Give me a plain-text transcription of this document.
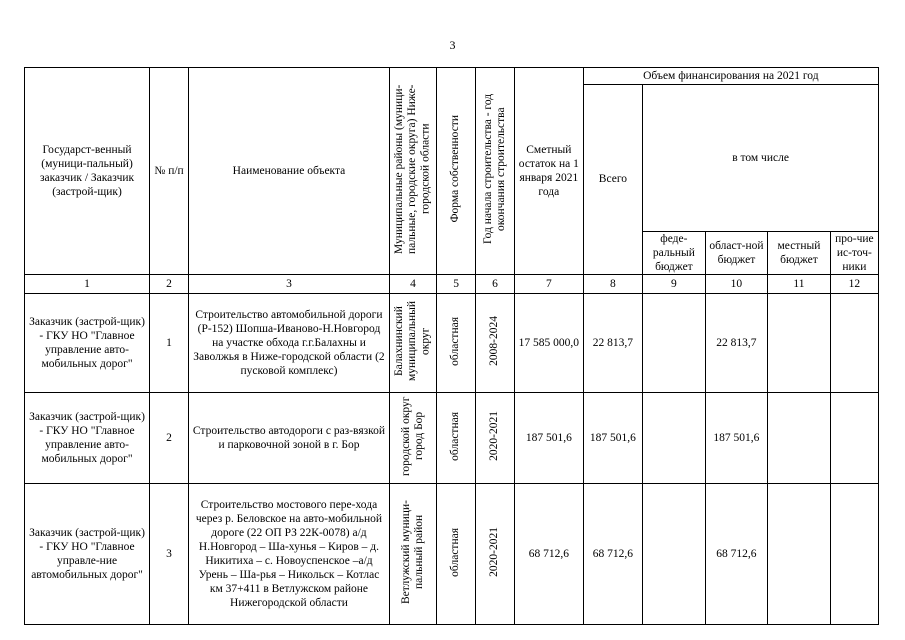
3
Государст-венный (муници-пальный) заказчик / Заказчик (застрой-щик)	№ п/п	Наименование объекта	Муниципальные районы (муници-пальные, городские округа) Ниже-городской области	Форма собственности	Год начала строительства - год окончания строительства	Сметный остаток на 1 января 2021 года	Объем финансирования на 2021 год				
							Всего	в том числе			
								феде-ральный бюджет	област-ной бюджет	местный бюджет	про-чие ис-точ-ники
1	2	3	4	5	6	7	8	9	10	11	12
Заказчик (застрой-щик) - ГКУ НО "Главное управление авто-мобильных дорог"	1	Строительство автомобильной дороги (Р-152) Шопша-Иваново-Н.Новгород на участке обхода г.г.Балахны и Заволжья в Ниже-городской области (2 пусковой комплекс)	Балахнинский муниципальный округ	областная	2008-2024	17 585 000,0	22 813,7		22 813,7		
Заказчик (застрой-щик) - ГКУ НО "Главное управление авто-мобильных дорог"	2	Строительство автодороги с раз-вязкой и парковочной зоной в г. Бор	городской округ город Бор	областная	2020-2021	187 501,6	187 501,6		187 501,6		
Заказчик (застрой-щик) - ГКУ НО "Главное управле-ние автомобильных дорог"	3	Строительство мостового пере-хода через р. Беловское на авто-мобильной дороге (22 ОП РЗ 22К-0078) а/д Н.Новгород – Ша-хунья – Киров – д. Никитиха – с. Новоуспенское –а/д Урень – Ша-рья – Никольск – Котлас км 37+411 в Ветлужском районе Нижегородской области	Ветлужский муници-пальный район	областная	2020-2021	68 712,6	68 712,6		68 712,6		
